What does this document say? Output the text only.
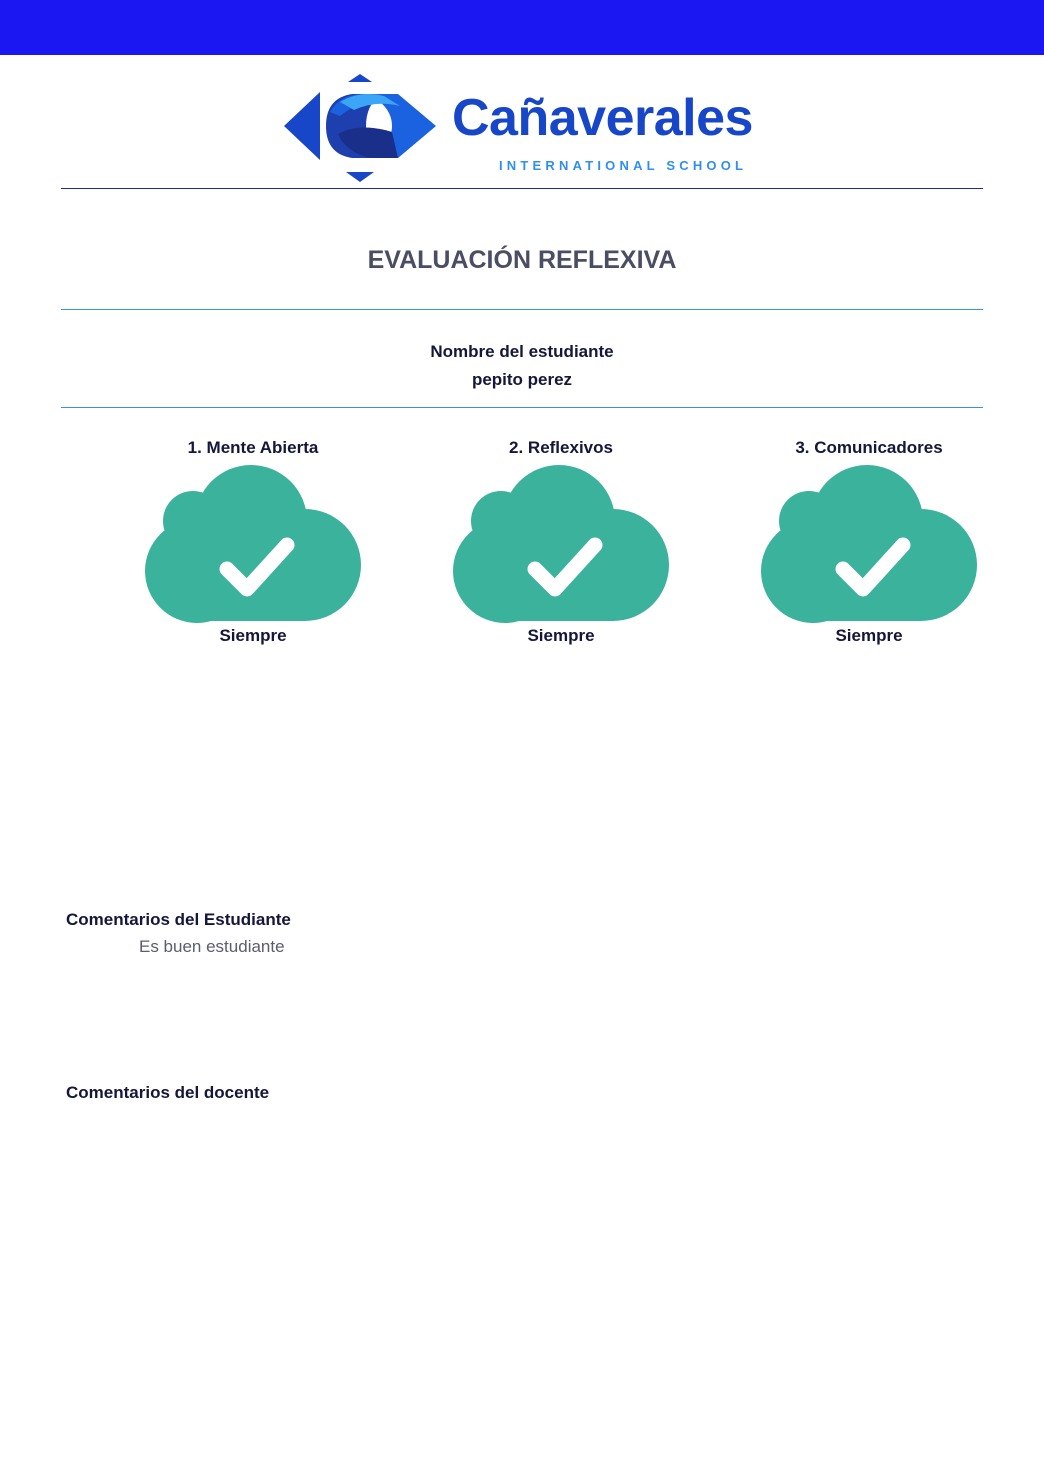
Cañaverales
INTERNATIONAL SCHOOL
EVALUACIÓN REFLEXIVA
Nombre del estudiante
pepito perez
1. Mente Abierta
Siempre
2. Reflexivos
Siempre
3. Comunicadores
Siempre
Comentarios del Estudiante
Es buen estudiante
Comentarios del docente
